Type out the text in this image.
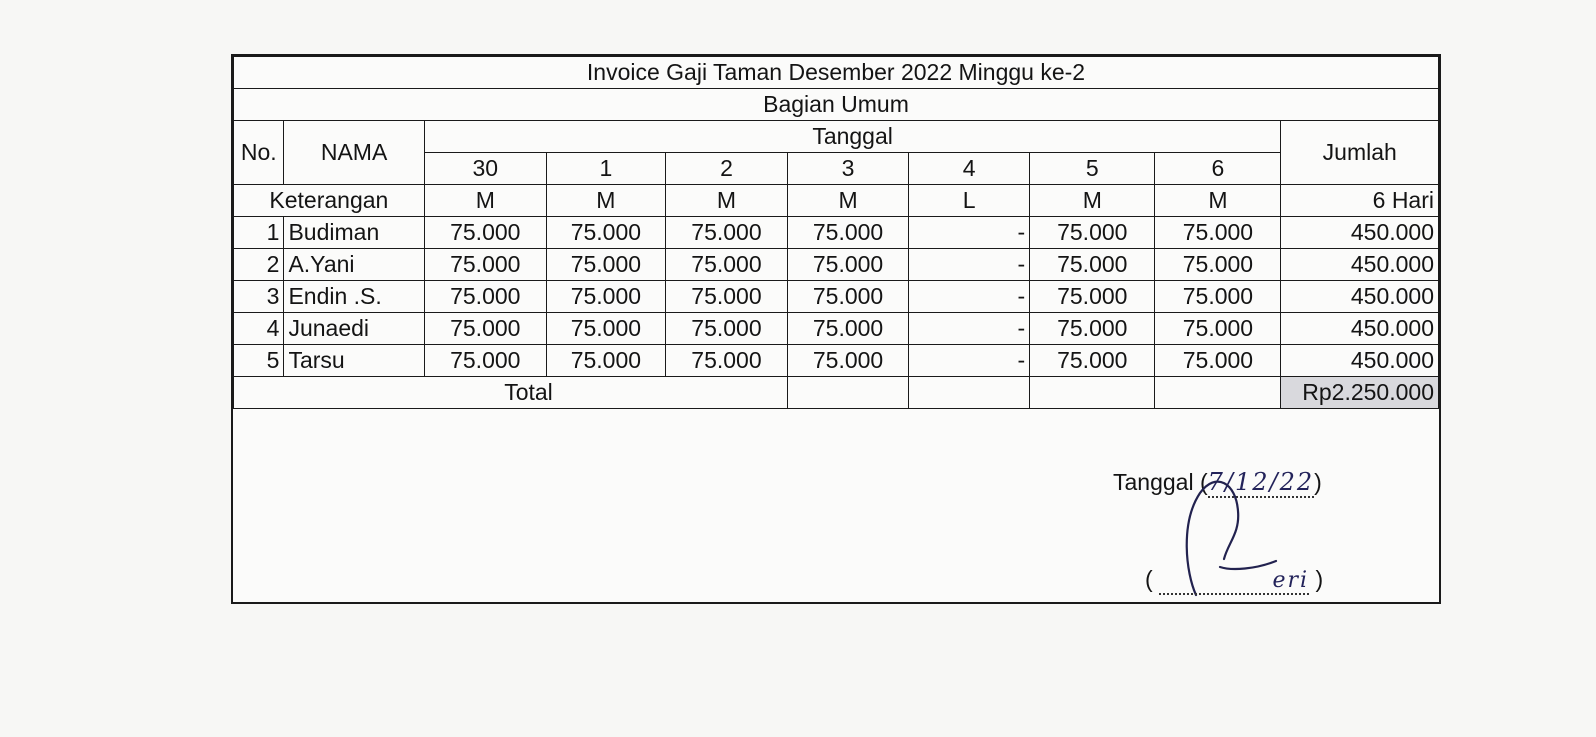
Invoice Gaji Taman Desember 2022 Minggu ke-2									
Bagian Umum									
No.	NAMA	Tanggal							Jumlah
		30	1	2	3	4	5	6	
Keterangan		M	M	M	M	L	M	M	6 Hari
1	Budiman	75.000	75.000	75.000	75.000	-	75.000	75.000	450.000
2	A.Yani	75.000	75.000	75.000	75.000	-	75.000	75.000	450.000
3	Endin .S.	75.000	75.000	75.000	75.000	-	75.000	75.000	450.000
4	Junaedi	75.000	75.000	75.000	75.000	-	75.000	75.000	450.000
5	Tarsu	75.000	75.000	75.000	75.000	-	75.000	75.000	450.000
Total									Rp2.250.000
Tanggal (7/12/22)
(	eri )
